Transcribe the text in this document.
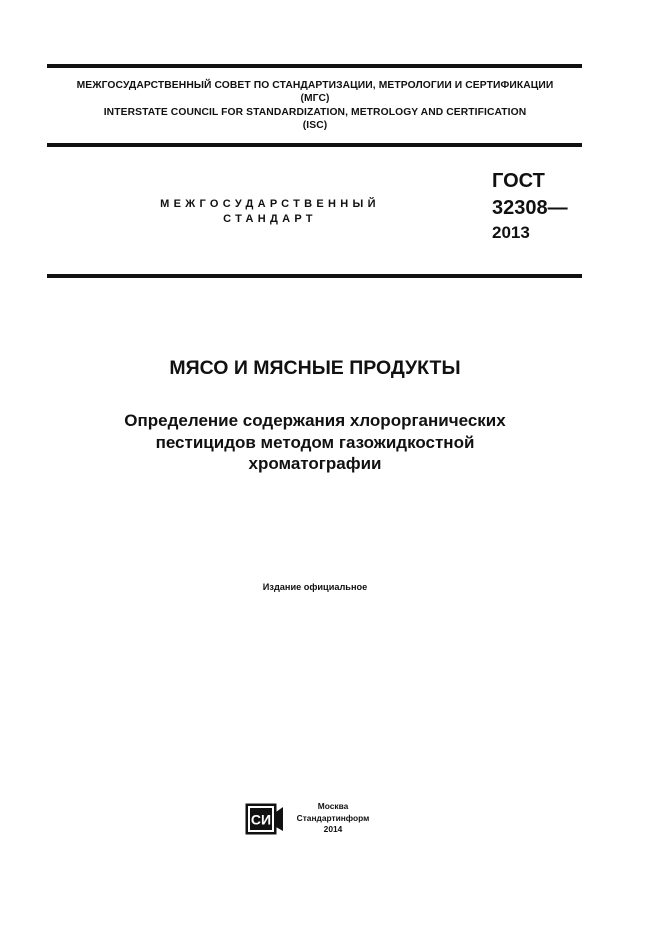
МЕЖГОСУДАРСТВЕННЫЙ СОВЕТ ПО СТАНДАРТИЗАЦИИ, МЕТРОЛОГИИ И СЕРТИФИКАЦИИ
(МГС)
INTERSTATE COUNCIL FOR STANDARDIZATION, METROLOGY AND CERTIFICATION
(ISC)
МЕЖГОСУДАРСТВЕННЫЙ
СТАНДАРТ
ГОСТ
32308—
2013
МЯСО И МЯСНЫЕ ПРОДУКТЫ
Определение содержания хлорорганических
пестицидов методом газожидкостной
хроматографии
Издание официальное
СИ
Москва
Стандартинформ
2014
